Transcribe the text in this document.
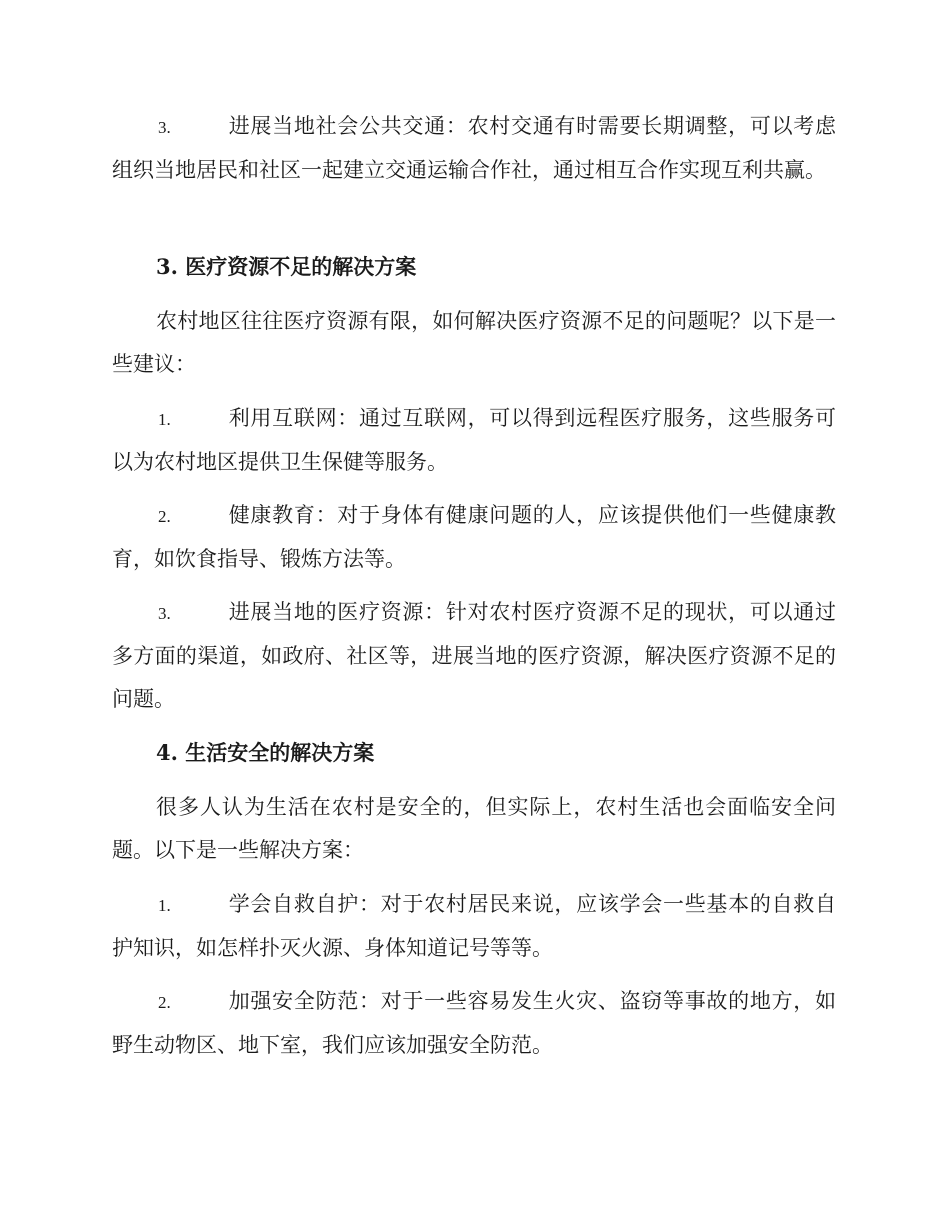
3.	进展当地社会公共交通：农村交通有时需要长期调整，可以考虑组织当地居民和社区一起建立交通运输合作社，通过相互合作实现互利共赢。

3. 医疗资源不足的解决方案

农村地区往往医疗资源有限，如何解决医疗资源不足的问题呢？以下是一些建议：

1.	利用互联网：通过互联网，可以得到远程医疗服务，这些服务可以为农村地区提供卫生保健等服务。

2.	健康教育：对于身体有健康问题的人，应该提供他们一些健康教育，如饮食指导、锻炼方法等。

3.	进展当地的医疗资源：针对农村医疗资源不足的现状，可以通过多方面的渠道，如政府、社区等，进展当地的医疗资源，解决医疗资源不足的问题。

4. 生活安全的解决方案

很多人认为生活在农村是安全的，但实际上，农村生活也会面临安全问题。以下是一些解决方案：

1.	学会自救自护：对于农村居民来说，应该学会一些基本的自救自护知识，如怎样扑灭火源、身体知道记号等等。

2.	加强安全防范：对于一些容易发生火灾、盗窃等事故的地方，如野生动物区、地下室，我们应该加强安全防范。
